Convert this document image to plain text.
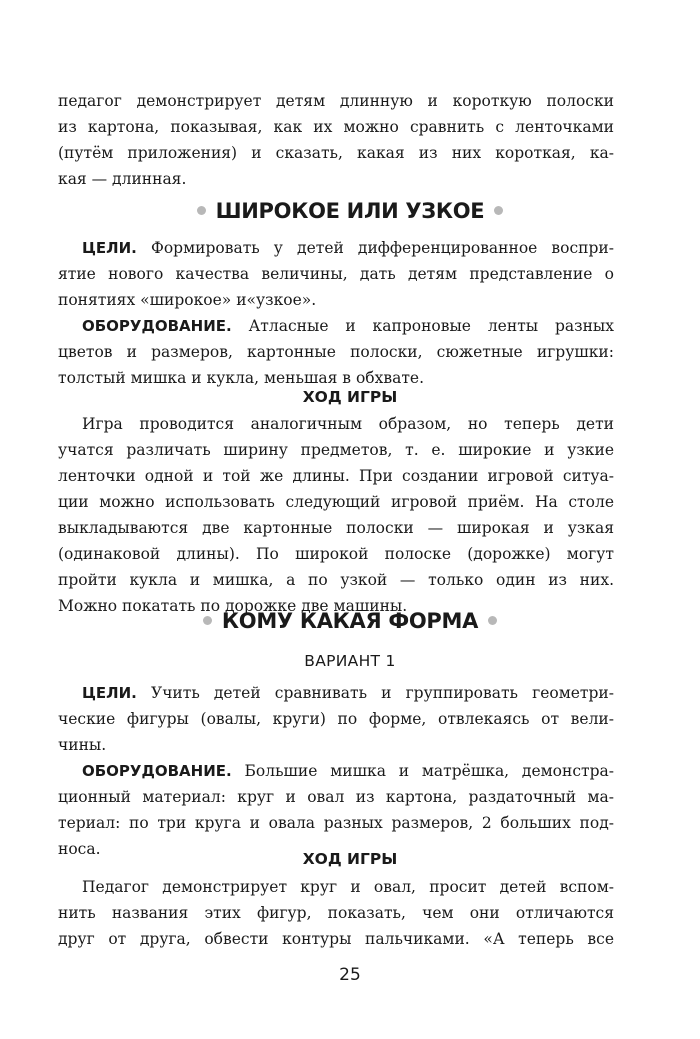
педагог демонстрирует детям длинную и короткую полоски

из картона, показывая, как их можно сравнить с ленточками

(путём приложения) и сказать, какая из них короткая, ка-

кая — длинная.

ШИРОКОЕ ИЛИ УЗКОЕ

ЦЕЛИ. Формировать у детей дифференцированное воспри-

ятие нового качества величины, дать детям представление о

понятиях «широкое» и«узкое».

ОБОРУДОВАНИЕ. Атласные и капроновые ленты разных

цветов и размеров, картонные полоски, сюжетные игрушки:

толстый мишка и кукла, меньшая в обхвате.

ХОД ИГРЫ

Игра проводится аналогичным образом, но теперь дети

учатся различать ширину предметов, т. е. широкие и узкие

ленточки одной и той же длины. При создании игровой ситуа-

ции можно использовать следующий игровой приём. На столе

выкладываются две картонные полоски — широкая и узкая

(одинаковой длины). По широкой полоске (дорожке) могут

пройти кукла и мишка, а по узкой — только один из них.

Можно покатать по дорожке две машины.

КОМУ КАКАЯ ФОРМА

ВАРИАНТ 1

ЦЕЛИ. Учить детей сравнивать и группировать геометри-

ческие фигуры (овалы, круги) по форме, отвлекаясь от вели-

чины.

ОБОРУДОВАНИЕ. Большие мишка и матрёшка, демонстра-

ционный материал: круг и овал из картона, раздаточный ма-

териал: по три круга и овала разных размеров, 2 больших под-

носа.

ХОД ИГРЫ

Педагог демонстрирует круг и овал, просит детей вспом-

нить названия этих фигур, показать, чем они отличаются

друг от друга, обвести контуры пальчиками. «А теперь все

25
